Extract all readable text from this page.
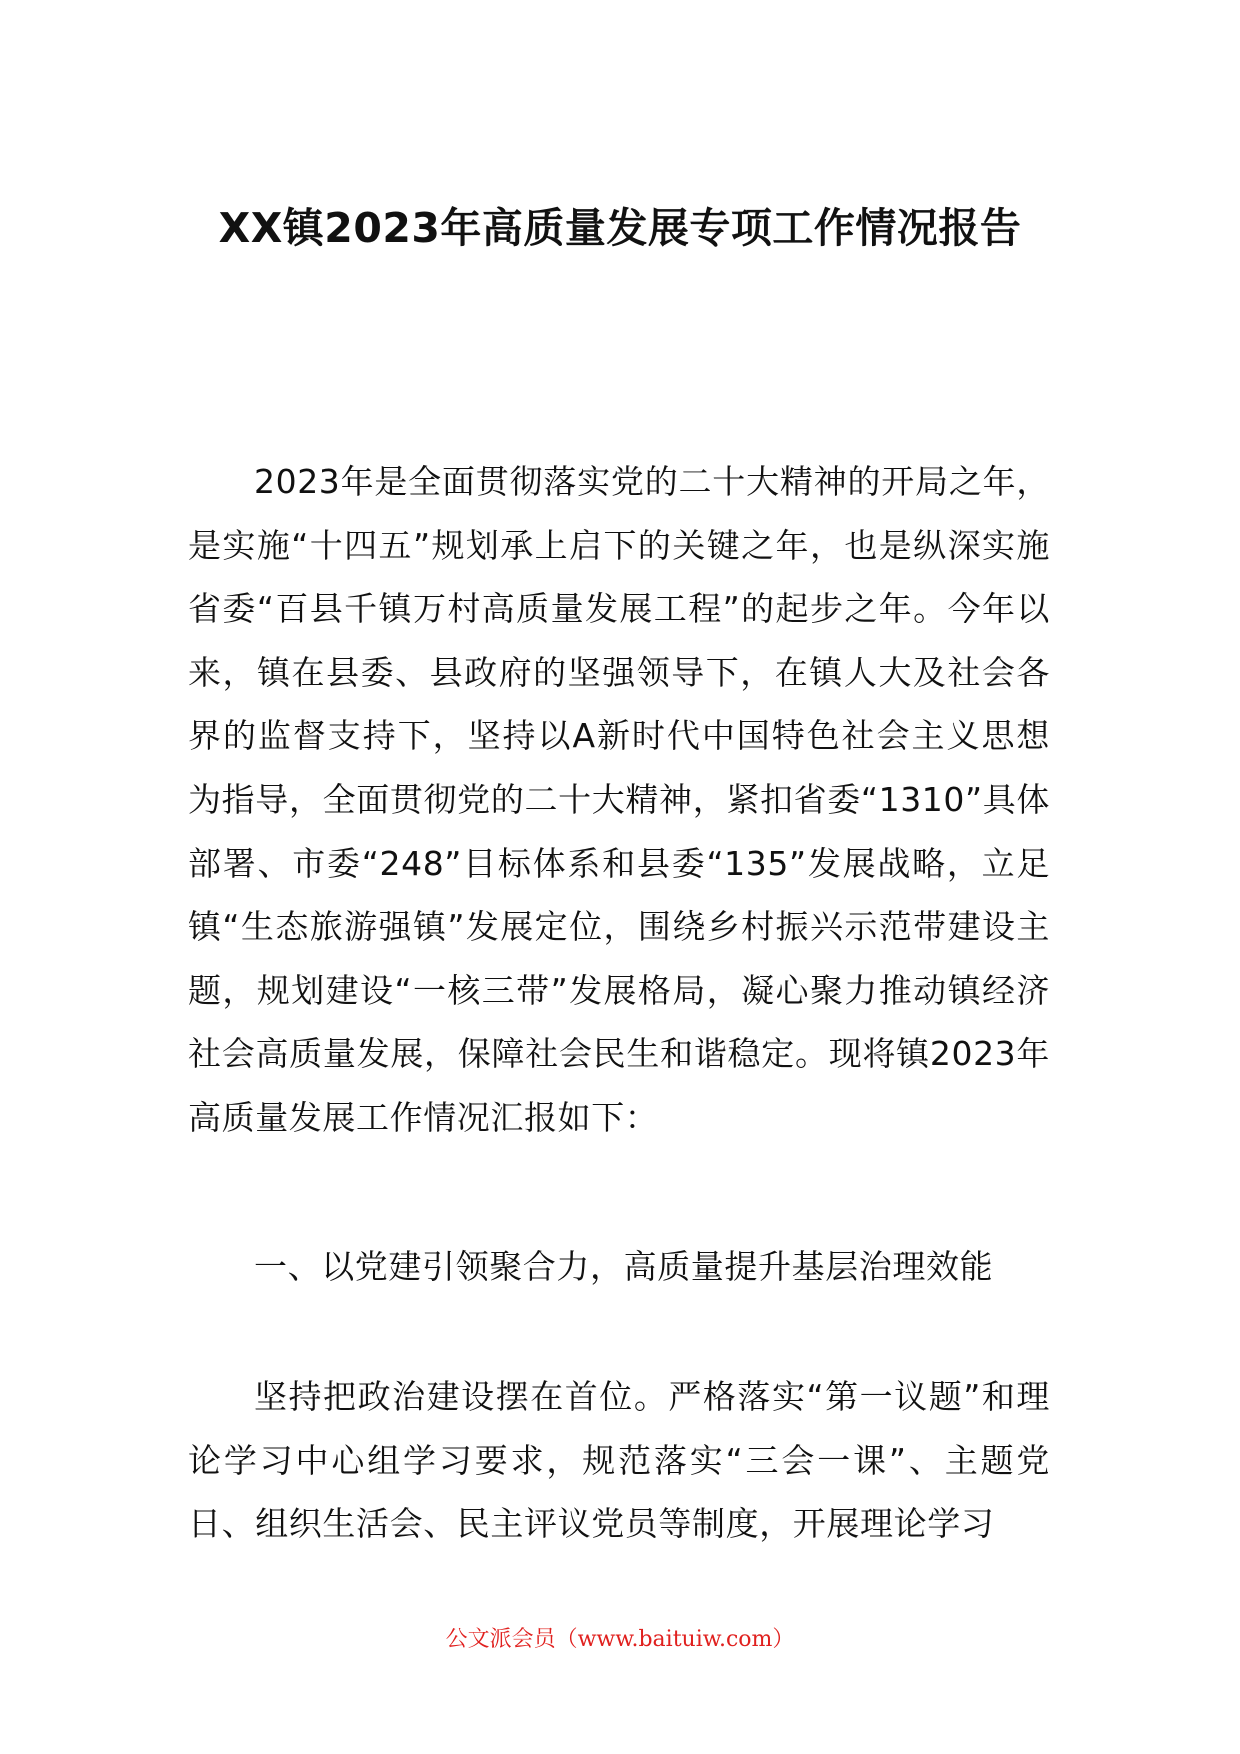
XX镇2023年高质量发展专项工作情况报告

2023年是全面贯彻落实党的二十大精神的开局之年，是实施“十四五”规划承上启下的关键之年，也是纵深实施省委“百县千镇万村高质量发展工程”的起步之年。今年以来，镇在县委、县政府的坚强领导下，在镇人大及社会各界的监督支持下，坚持以A新时代中国特色社会主义思想为指导，全面贯彻党的二十大精神，紧扣省委“1310”具体部署、市委“248”目标体系和县委“135”发展战略，立足镇“生态旅游强镇”发展定位，围绕乡村振兴示范带建设主题，规划建设“一核三带”发展格局，凝心聚力推动镇经济社会高质量发展，保障社会民生和谐稳定。现将镇2023年高质量发展工作情况汇报如下：

一、以党建引领聚合力，高质量提升基层治理效能

坚持把政治建设摆在首位。严格落实“第一议题”和理论学习中心组学习要求，规范落实“三会一课”、主题党日、组织生活会、民主评议党员等制度，开展理论学习

公文派会员（www.baituiw.com）
